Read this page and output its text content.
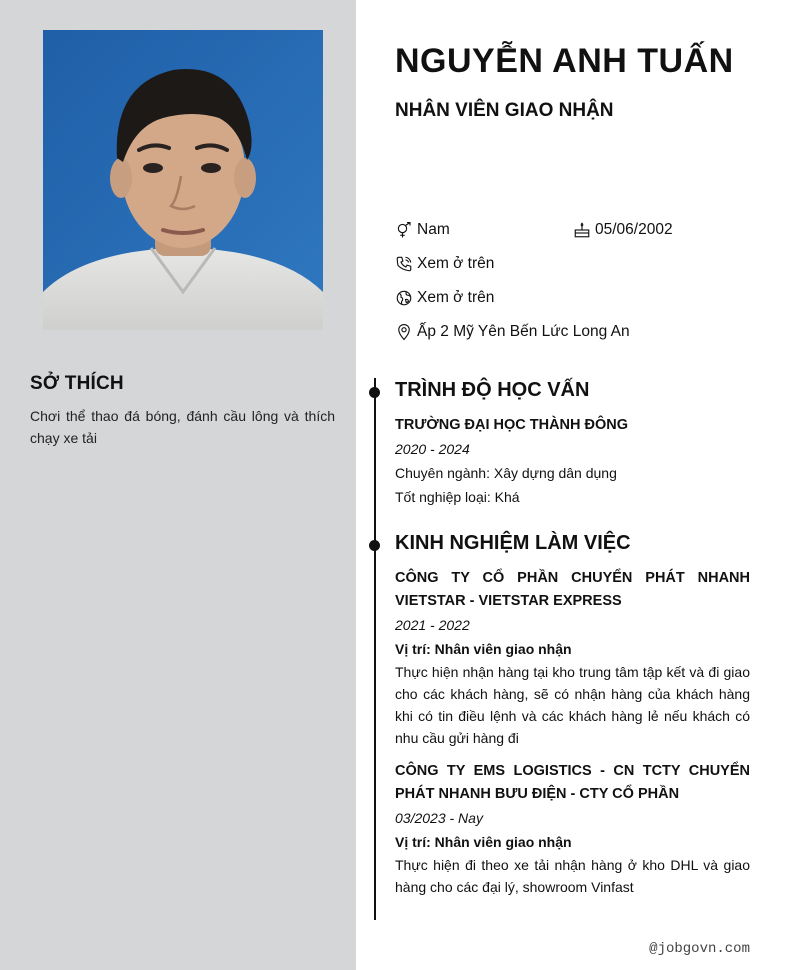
SỞ THÍCH
Chơi thể thao đá bóng, đánh cầu lông và thích chạy xe tải
NGUYỄN ANH TUẤN
NHÂN VIÊN GIAO NHẬN
Nam	05/06/2002
Xem ở trên
Xem ở trên
Ấp 2 Mỹ Yên Bến Lức Long An
TRÌNH ĐỘ HỌC VẤN
TRƯỜNG ĐẠI HỌC THÀNH ĐÔNG
2020 - 2024
Chuyên ngành: Xây dựng dân dụng
Tốt nghiệp loại: Khá
KINH NGHIỆM LÀM VIỆC
CÔNG TY CỔ PHẦN CHUYỂN PHÁT NHANH VIETSTAR - VIETSTAR EXPRESS
2021 - 2022
Vị trí: Nhân viên giao nhận
Thực hiện nhận hàng tại kho trung tâm tập kết và đi giao cho các khách hàng, sẽ có nhận hàng của khách hàng khi có tin điều lệnh và các khách hàng lẻ nếu khách có nhu cầu gửi hàng đi
CÔNG TY EMS LOGISTICS - CN TCTY CHUYỂN PHÁT NHANH BƯU ĐIỆN - CTY CỔ PHẦN
03/2023 - Nay
Vị trí: Nhân viên giao nhận
Thực hiện đi theo xe tải nhận hàng ở kho DHL và giao hàng cho các đại lý, showroom Vinfast
@jobgovn.com
